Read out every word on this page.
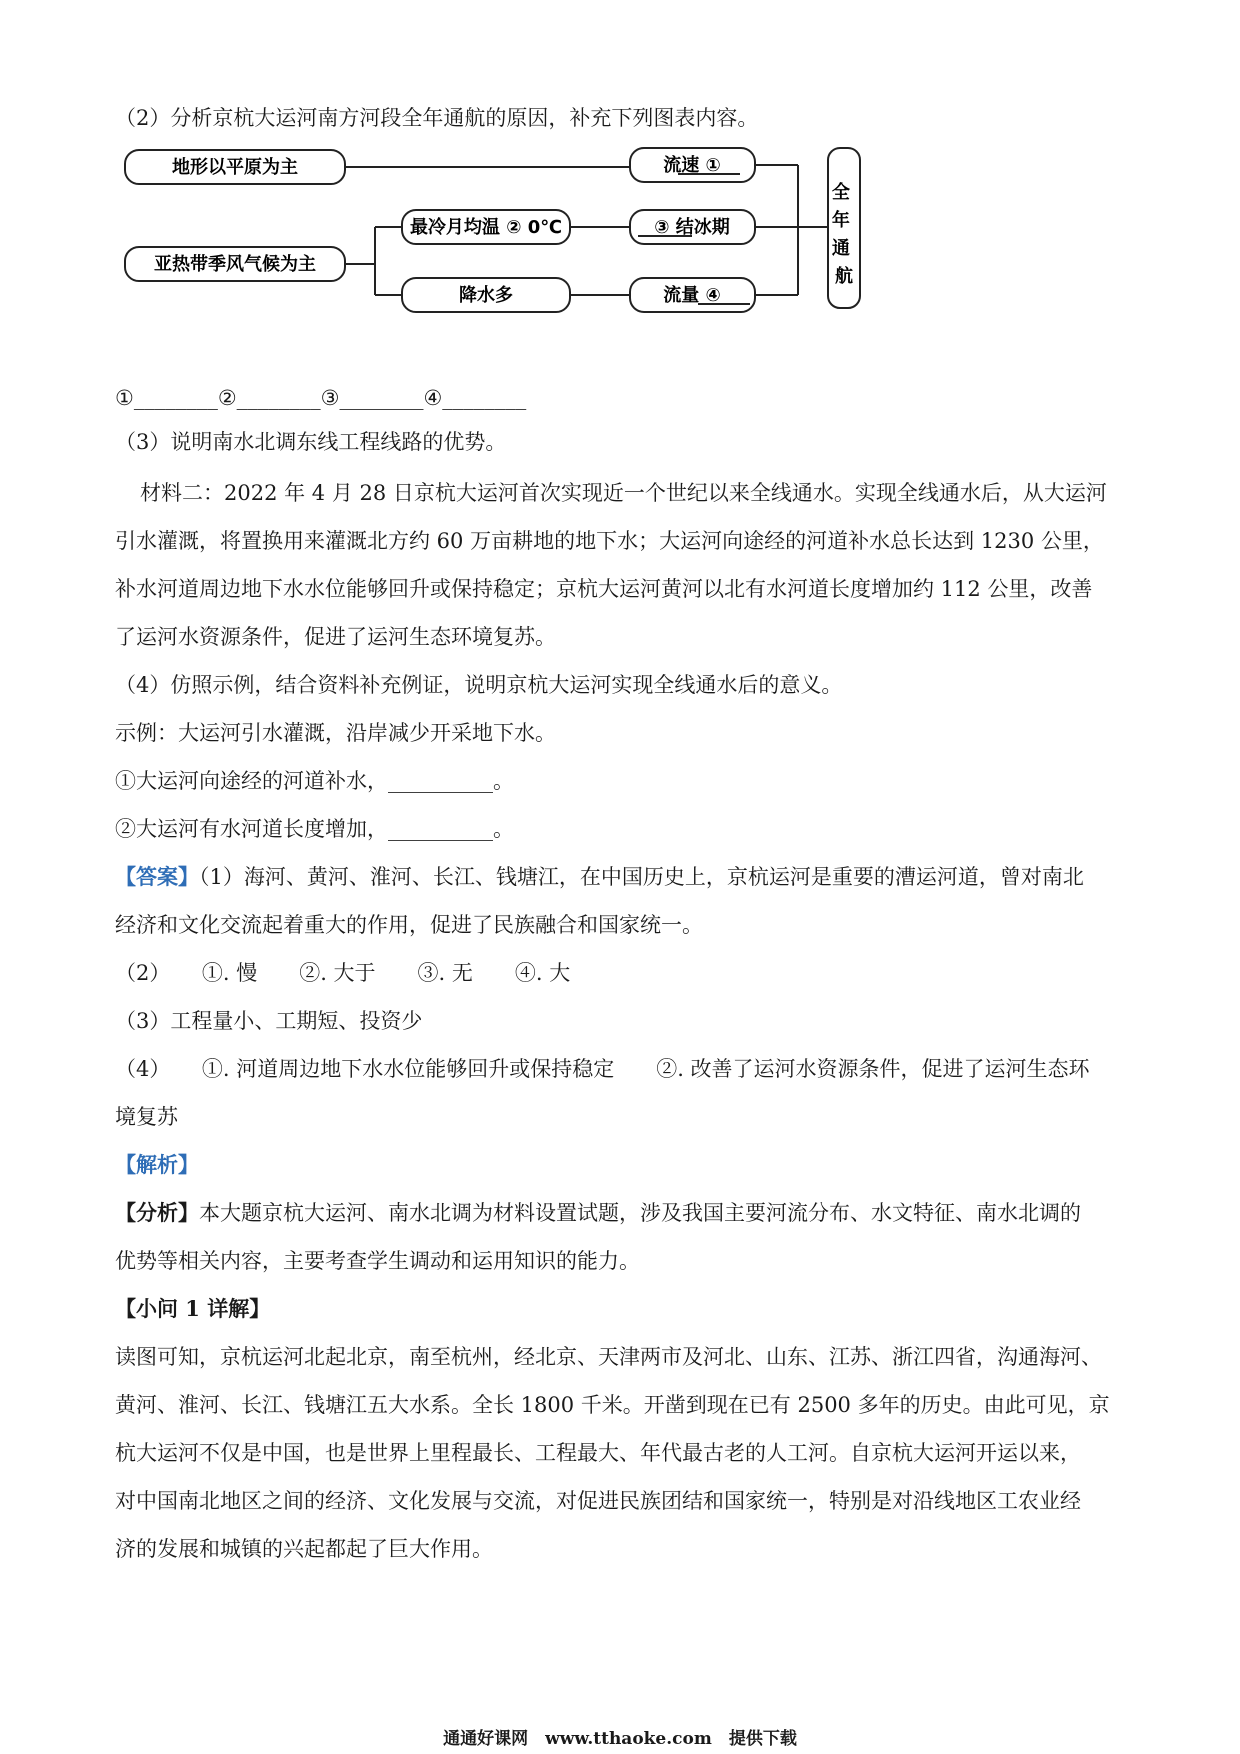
（2）分析京杭大运河南方河段全年通航的原因，补充下列图表内容。
地形以平原为主
亚热带季风气候为主
最冷月均温 ② 0℃
降水多
流速 ①
③ 结冰期
流量 ④
全 年 通 航
①________②________③________④________
（3）说明南水北调东线工程线路的优势。
材料二：2022 年 4 月 28 日京杭大运河首次实现近一个世纪以来全线通水。实现全线通水后，从大运河
引水灌溉，将置换用来灌溉北方约 60 万亩耕地的地下水；大运河向途经的河道补水总长达到 1230 公里，
补水河道周边地下水水位能够回升或保持稳定；京杭大运河黄河以北有水河道长度增加约 112 公里，改善
了运河水资源条件，促进了运河生态环境复苏。
（4）仿照示例，结合资料补充例证，说明京杭大运河实现全线通水后的意义。
示例：大运河引水灌溉，沿岸减少开采地下水。
①大运河向途经的河道补水，__________。
②大运河有水河道长度增加，__________。
【答案】（1）海河、黄河、淮河、长江、钱塘江，在中国历史上，京杭运河是重要的漕运河道，曾对南北
经济和文化交流起着重大的作用，促进了民族融合和国家统一。
（2）　　①. 慢　　②. 大于　　③. 无　　④. 大
（3）工程量小、工期短、投资少
（4）　　①. 河道周边地下水水位能够回升或保持稳定　　②. 改善了运河水资源条件，促进了运河生态环
境复苏
【解析】
【分析】本大题京杭大运河、南水北调为材料设置试题，涉及我国主要河流分布、水文特征、南水北调的
优势等相关内容，主要考查学生调动和运用知识的能力。
【小问 1 详解】
读图可知，京杭运河北起北京，南至杭州，经北京、天津两市及河北、山东、江苏、浙江四省，沟通海河、
黄河、淮河、长江、钱塘江五大水系。全长 1800 千米。开凿到现在已有 2500 多年的历史。由此可见，京
杭大运河不仅是中国，也是世界上里程最长、工程最大、年代最古老的人工河。自京杭大运河开运以来，
对中国南北地区之间的经济、文化发展与交流，对促进民族团结和国家统一，特别是对沿线地区工农业经
济的发展和城镇的兴起都起了巨大作用。
通通好课网　www.tthaoke.com　提供下载
